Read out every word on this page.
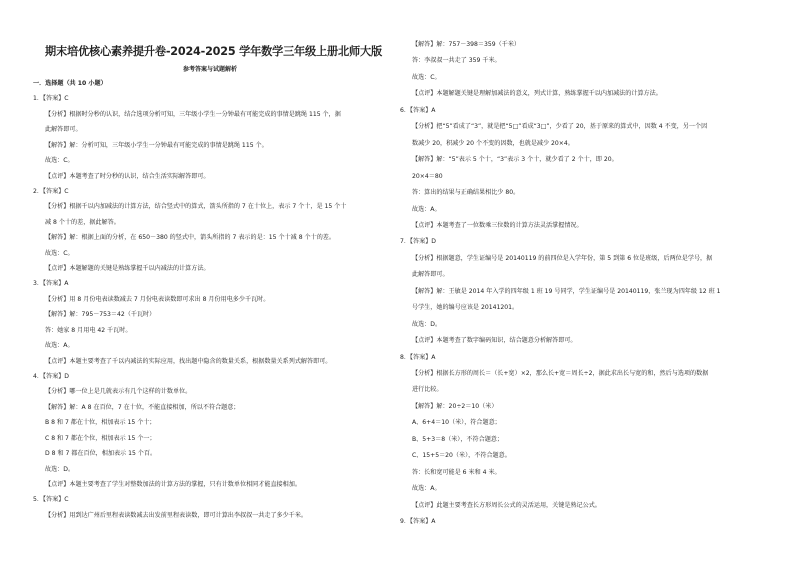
期末培优核心素养提升卷-2024-2025 学年数学三年级上册北师大版
参考答案与试题解析
一．选择题（共 10 小题）
1．【答案】C
【分析】根据时分秒的认识，结合选项分析可知，三年级小学生一分钟最有可能完成的事情是跳绳 115 个，据
此解答即可。
【解答】解：分析可知，三年级小学生一分钟最有可能完成的事情是跳绳 115 个。
故选：C。
【点评】本题考查了时分秒的认识，结合生活实际解答即可。
2．【答案】C
【分析】根据千以内加减法的计算方法，结合竖式中的算式，箭头所指的 7 在十位上，表示 7 个十，是 15 个十
减 8 个十的差，据此解答。
【解答】解：根据上面的分析，在 650－380 的竖式中，箭头所指的 7 表示的是：15 个十减 8 个十的差。
故选：C。
【点评】本题解题的关键是熟练掌握千以内减法的计算方法。
3．【答案】A
【分析】用 8 月份电表读数减去 7 月份电表读数即可求出 8 月份用电多少千瓦时。
【解答】解：795－753＝42（千瓦时）
答：她家 8 月用电 42 千瓦时。
故选：A。
【点评】本题主要考查了千以内减法的实际应用，找出题中隐含的数量关系，根据数量关系列式解答即可。
4．【答案】D
【分析】哪一位上是几就表示有几个这样的计数单位。
【解答】解：A 8 在百位，7 在十位，不能直接相加，所以不符合题意；
B 8 和 7 都在十位，相加表示 15 个十；
C 8 和 7 都在个位，相加表示 15 个一；
D 8 和 7 都在百位，相加表示 15 个百。
故选：D。
【点评】本题主要考查了学生对整数加法的计算方法的掌握，只有计数单位相同才能直接相加。
5．【答案】C
【分析】用到达广州后里程表读数减去出发前里程表读数，即可计算出李叔叔一共走了多少千米。
【解答】解：757－398＝359（千米）
答：李叔叔一共走了 359 千米。
故选：C。
【点评】本题解题关键是理解加减法的意义，列式计算，熟练掌握千以内加减法的计算方法。
6．【答案】A
【分析】把“5”看成了“3”，就是把“5□”看成“3□”，少看了 20，基于原来的算式中，因数 4 不变，另一个因
数减少 20，积减少 20 个不变的因数，也就是减少 20×4。
【解答】解：“5”表示 5 个十，“3”表示 3 个十，就少看了 2 个十，即 20。
20×4＝80
答：算出的结果与正确结果相比少 80。
故选：A。
【点评】本题考查了一位数乘三位数的计算方法灵活掌握情况。
7．【答案】D
【分析】根据题意，学生证编号是 20140119 的前四位是入学年份，第 5 到第 6 位是班级，后两位是学号，据
此解答即可。
【解答】解：王敏是 2014 年入学的四年级 1 班 19 号同学，学生证编号是 20140119，张兰现为四年级 12 班 1
号学生，她的编号应该是 20141201。
故选：D。
【点评】本题考查了数字编码知识，结合题意分析解答即可。
8．【答案】A
【分析】根据长方形的周长＝（长+宽）×2，那么长+宽＝周长÷2，据此求出长与宽的和，然后与选项的数据
进行比较。
【解答】解：20÷2＝10（米）
A、6+4＝10（米），符合题意；
B、5+3＝8（米），不符合题意；
C、15+5＝20（米），不符合题意。
答：长和宽可能是 6 米和 4 米。
故选：A。
【点评】此题主要考查长方形周长公式的灵活运用，关键是熟记公式。
9．【答案】A
